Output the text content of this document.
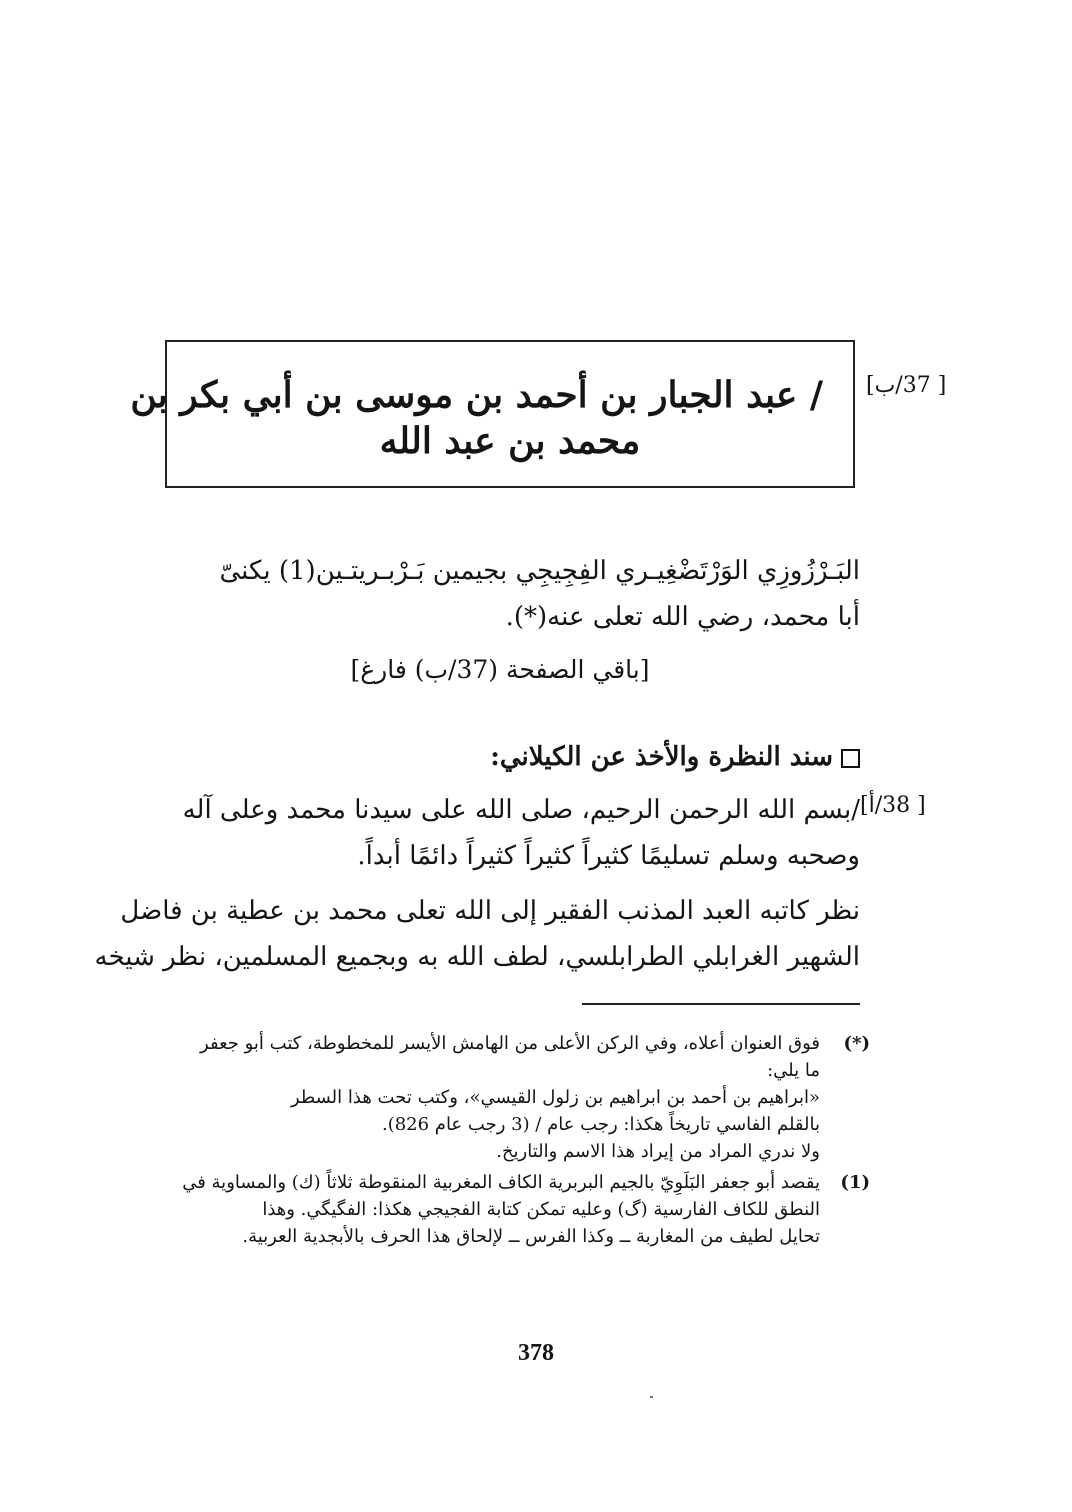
[ 37/ب]
/ عبد الجبار بن أحمد بن موسى بن أبي بكر بن
محمد بن عبد الله
البَـرْزُوزِي الوَرْتَضْغِيـري الفِجِيجِي بجيمين بَـرْبـريتـين(1) يكنىّ
أبا محمد، رضي الله تعلى عنه(*).
[باقي الصفحة (37/ب) فارغ]
سند النظرة والأخذ عن الكيلاني:
[ 38/أ]
/بسم الله الرحمن الرحيم، صلى الله على سيدنا محمد وعلى آله
وصحبه وسلم تسليمًا كثيراً كثيراً كثيراً دائمًا أبداً.
نظر كاتبه العبد المذنب الفقير إلى الله تعلى محمد بن عطية بن فاضل
الشهير الغرابلي الطرابلسي، لطف الله به وبجميع المسلمين، نظر شيخه
(*)
فوق العنوان أعلاه، وفي الركن الأعلى من الهامش الأيسر للمخطوطة، كتب أبو جعفر
ما يلي:
«ابراهيم بن أحمد بن ابراهيم بن زلول القيسي»، وكتب تحت هذا السطر
بالقلم الفاسي تاريخاً هكذا: رجب عام / (3 رجب عام 826).
ولا ندري المراد من إيراد هذا الاسم والتاريخ.
(1)
يقصد أبو جعفر البَلَوِيّ بالجيم البربرية الكاف المغربية المنقوطة ثلاثاً (ك) والمساوية في
النطق للكاف الفارسية (گ) وعليه تمكن كتابة الفجيجي هكذا: الفگيگي. وهذا
تحايل لطيف من المغاربة ــ وكذا الفرس ــ لإلحاق هذا الحرف بالأبجدية العربية.
378
